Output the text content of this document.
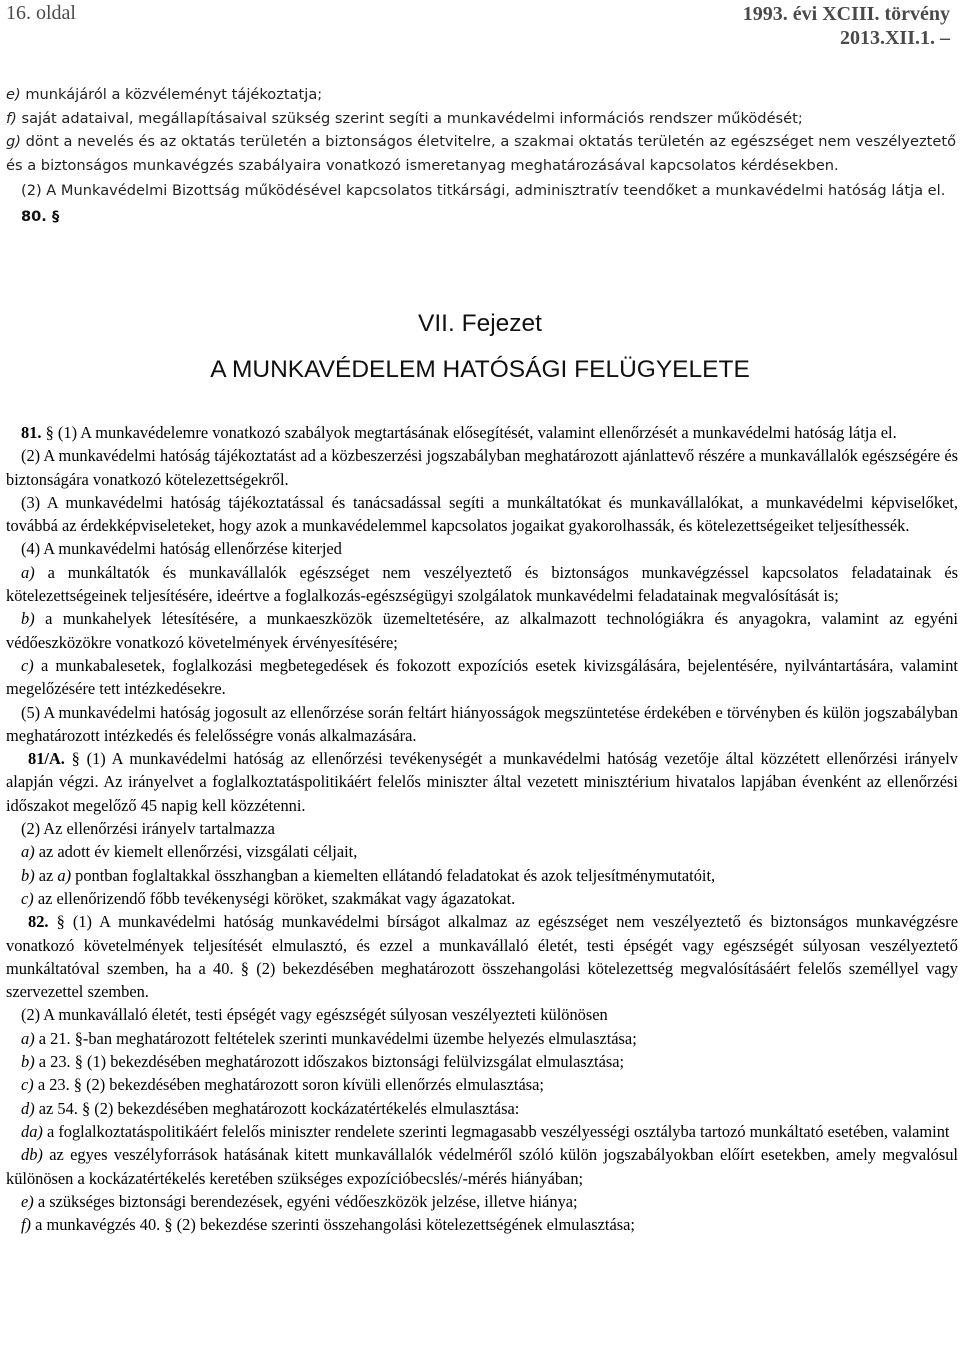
16. oldal	1993. évi XCIII. törvény
2013.XII.1. –

e) munkájáról a közvéleményt tájékoztatja;

f) saját adataival, megállapításaival szükség szerint segíti a munkavédelmi információs rendszer működését;

g) dönt a nevelés és az oktatás területén a biztonságos életvitelre, a szakmai oktatás területén az egészséget nem veszélyeztető és a biztonságos munkavégzés szabályaira vonatkozó ismeretanyag meghatározásával kapcsolatos kérdésekben.

(2) A Munkavédelmi Bizottság működésével kapcsolatos titkársági, adminisztratív teendőket a munkavédelmi hatóság látja el.

80. §

VII. Fejezet
A MUNKAVÉDELEM HATÓSÁGI FELÜGYELETE

81. § (1) A munkavédelemre vonatkozó szabályok megtartásának elősegítését, valamint ellenőrzését a munkavédelmi hatóság látja el.

(2) A munkavédelmi hatóság tájékoztatást ad a közbeszerzési jogszabályban meghatározott ajánlattevő részére a munkavállalók egészségére és biztonságára vonatkozó kötelezettségekről.

(3) A munkavédelmi hatóság tájékoztatással és tanácsadással segíti a munkáltatókat és munkavállalókat, a munkavédelmi képviselőket, továbbá az érdekképviseleteket, hogy azok a munkavédelemmel kapcsolatos jogaikat gyakorolhassák, és kötelezettségeiket teljesíthessék.

(4) A munkavédelmi hatóság ellenőrzése kiterjed

a) a munkáltatók és munkavállalók egészséget nem veszélyeztető és biztonságos munkavégzéssel kapcsolatos feladatainak és kötelezettségeinek teljesítésére, ideértve a foglalkozás-egészségügyi szolgálatok munkavédelmi feladatainak megvalósítását is;

b) a munkahelyek létesítésére, a munkaeszközök üzemeltetésére, az alkalmazott technológiákra és anyagokra, valamint az egyéni védőeszközökre vonatkozó követelmények érvényesítésére;

c) a munkabalesetek, foglalkozási megbetegedések és fokozott expozíciós esetek kivizsgálására, bejelentésére, nyilvántartására, valamint megelőzésére tett intézkedésekre.

(5) A munkavédelmi hatóság jogosult az ellenőrzése során feltárt hiányosságok megszüntetése érdekében e törvényben és külön jogszabályban meghatározott intézkedés és felelősségre vonás alkalmazására.

81/A. § (1) A munkavédelmi hatóság az ellenőrzési tevékenységét a munkavédelmi hatóság vezetője által közzétett ellenőrzési irányelv alapján végzi. Az irányelvet a foglalkoztatáspolitikáért felelős miniszter által vezetett minisztérium hivatalos lapjában évenként az ellenőrzési időszakot megelőző 45 napig kell közzétenni.

(2) Az ellenőrzési irányelv tartalmazza

a) az adott év kiemelt ellenőrzési, vizsgálati céljait,

b) az a) pontban foglaltakkal összhangban a kiemelten ellátandó feladatokat és azok teljesítménymutatóit,

c) az ellenőrizendő főbb tevékenységi köröket, szakmákat vagy ágazatokat.

82. § (1) A munkavédelmi hatóság munkavédelmi bírságot alkalmaz az egészséget nem veszélyeztető és biztonságos munkavégzésre vonatkozó követelmények teljesítését elmulasztó, és ezzel a munkavállaló életét, testi épségét vagy egészségét súlyosan veszélyeztető munkáltatóval szemben, ha a 40. § (2) bekezdésében meghatározott összehangolási kötelezettség megvalósításáért felelős személlyel vagy szervezettel szemben.

(2) A munkavállaló életét, testi épségét vagy egészségét súlyosan veszélyezteti különösen

a) a 21. §-ban meghatározott feltételek szerinti munkavédelmi üzembe helyezés elmulasztása;

b) a 23. § (1) bekezdésében meghatározott időszakos biztonsági felülvizsgálat elmulasztása;

c) a 23. § (2) bekezdésében meghatározott soron kívüli ellenőrzés elmulasztása;

d) az 54. § (2) bekezdésében meghatározott kockázatértékelés elmulasztása:

da) a foglalkoztatáspolitikáért felelős miniszter rendelete szerinti legmagasabb veszélyességi osztályba tartozó munkáltató esetében, valamint

db) az egyes veszélyforrások hatásának kitett munkavállalók védelméről szóló külön jogszabályokban előírt esetekben, amely megvalósul különösen a kockázatértékelés keretében szükséges expozícióbecslés/-mérés hiányában;

e) a szükséges biztonsági berendezések, egyéni védőeszközök jelzése, illetve hiánya;

f) a munkavégzés 40. § (2) bekezdése szerinti összehangolási kötelezettségének elmulasztása;
